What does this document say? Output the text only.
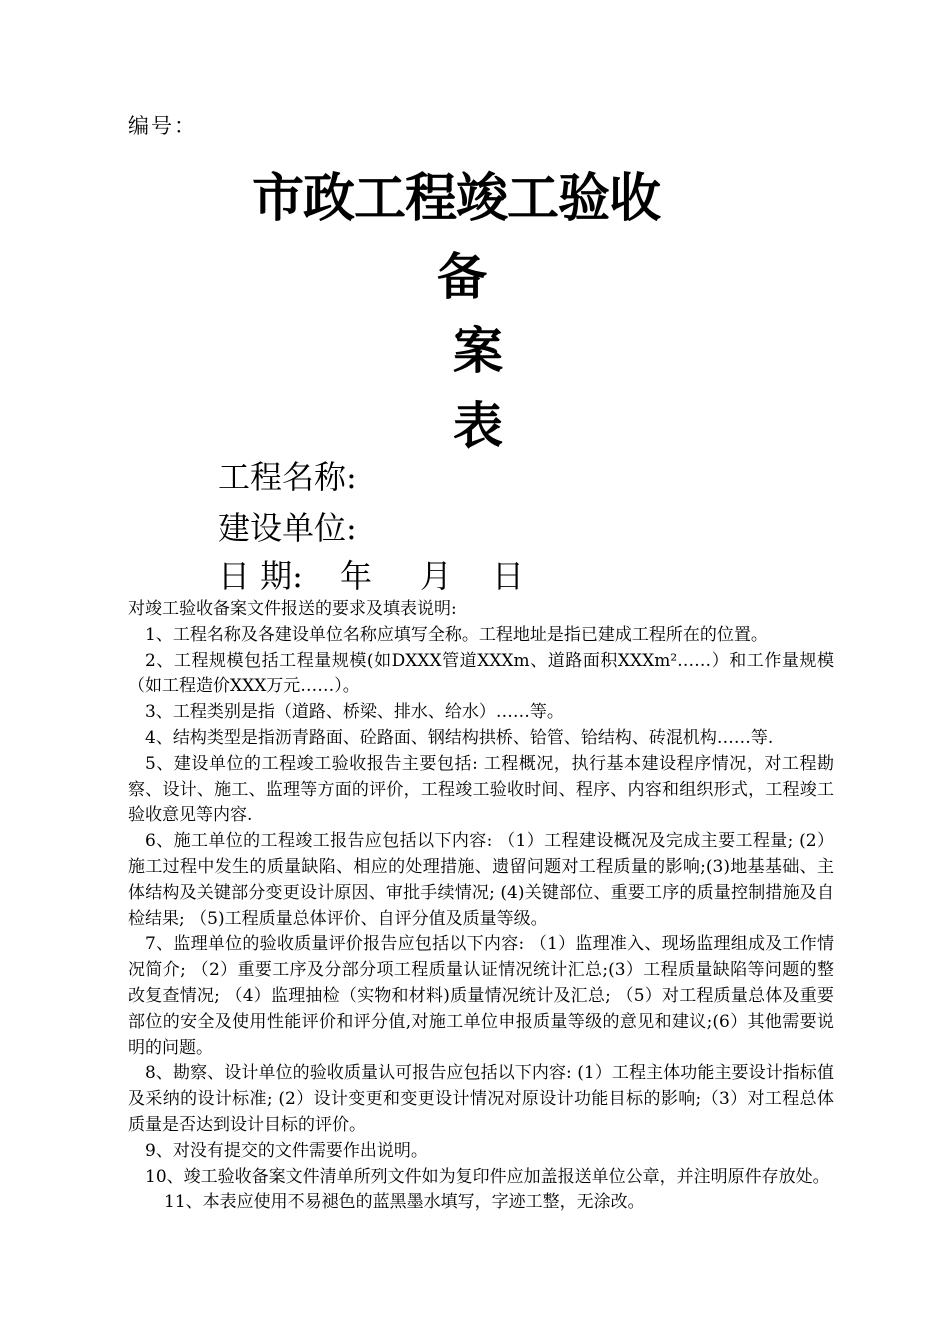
编号：
市政工程竣工验收
备
案
表
工程名称:
建设单位:
日 期: 年 月 日

对竣工验收备案文件报送的要求及填表说明:

1、工程名称及各建设单位名称应填写全称。工程地址是指已建成工程所在的位置。

2、工程规模包括工程量规模(如DXXX管道XXXm、道路面积XXXm²……）和工作量规模（如工程造价XXX万元……）。

3、工程类别是指（道路、桥梁、排水、给水）……等。

4、结构类型是指沥青路面、砼路面、钢结构拱桥、铪管、铪结构、砖混机构……等.

5、建设单位的工程竣工验收报告主要包括: 工程概况，执行基本建设程序情况，对工程勘察、设计、施工、监理等方面的评价，工程竣工验收时间、程序、内容和组织形式，工程竣工验收意见等内容.

6、施工单位的工程竣工报告应包括以下内容: （1）工程建设概况及完成主要工程量; (2）施工过程中发生的质量缺陷、相应的处理措施、遗留问题对工程质量的影响;(3)地基基础、主体结构及关键部分变更设计原因、审批手续情况; (4)关键部位、重要工序的质量控制措施及自检结果; （5)工程质量总体评价、自评分值及质量等级。

7、监理单位的验收质量评价报告应包括以下内容: （1）监理准入、现场监理组成及工作情况简介; （2）重要工序及分部分项工程质量认证情况统计汇总;(3）工程质量缺陷等问题的整改复查情况; （4）监理抽检（实物和材料)质量情况统计及汇总; （5）对工程质量总体及重要部位的安全及使用性能评价和评分值,对施工单位申报质量等级的意见和建议;(6）其他需要说明的问题。

8、勘察、设计单位的验收质量认可报告应包括以下内容: (1）工程主体功能主要设计指标值及采纳的设计标准; (2）设计变更和变更设计情况对原设计功能目标的影响;（3）对工程总体质量是否达到设计目标的评价。

9、对没有提交的文件需要作出说明。

10、竣工验收备案文件清单所列文件如为复印件应加盖报送单位公章，并注明原件存放处。

11、本表应使用不易褪色的蓝黑墨水填写，字迹工整，无涂改。
